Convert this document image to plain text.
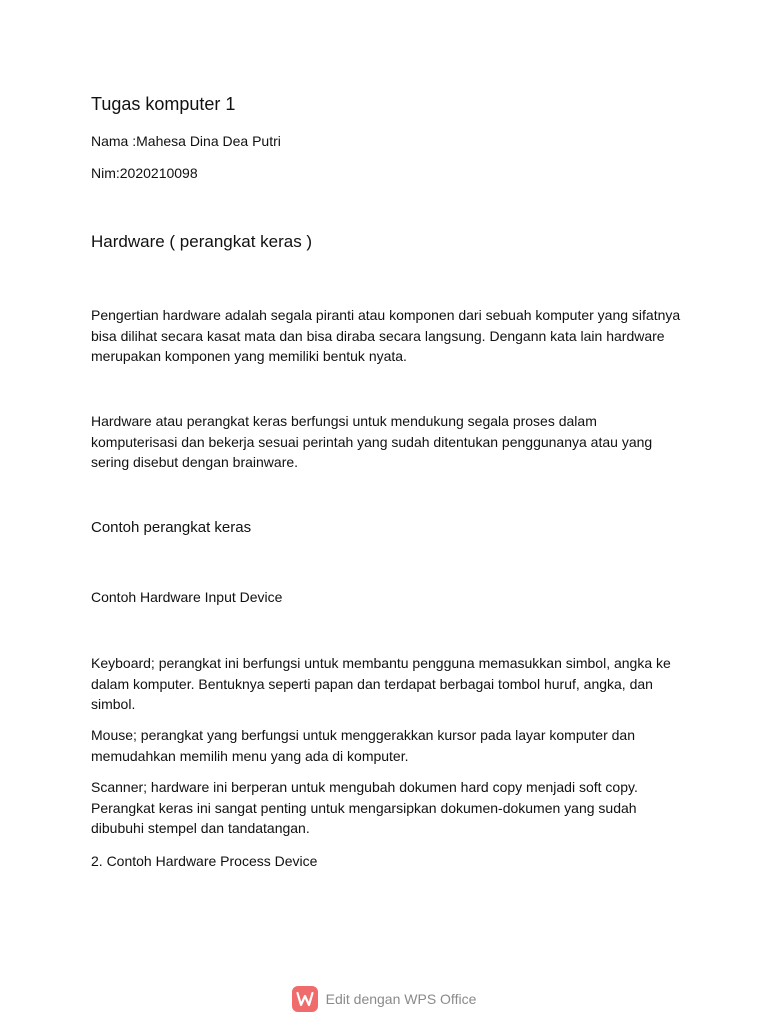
Tugas komputer 1

Nama :Mahesa Dina Dea Putri

Nim:2020210098

Hardware ( perangkat keras )

Pengertian hardware adalah segala piranti atau komponen dari sebuah komputer yang sifatnya bisa dilihat secara kasat mata dan bisa diraba secara langsung. Dengann kata lain hardware merupakan komponen yang memiliki bentuk nyata.

Hardware atau perangkat keras berfungsi untuk mendukung segala proses dalam komputerisasi dan bekerja sesuai perintah yang sudah ditentukan penggunanya atau yang sering disebut dengan brainware.

Contoh perangkat keras

Contoh Hardware Input Device

Keyboard; perangkat ini berfungsi untuk membantu pengguna memasukkan simbol, angka ke dalam komputer. Bentuknya seperti papan dan terdapat berbagai tombol huruf, angka, dan simbol.

Mouse; perangkat yang berfungsi untuk menggerakkan kursor pada layar komputer dan memudahkan memilih menu yang ada di komputer.

Scanner; hardware ini berperan untuk mengubah dokumen hard copy menjadi soft copy. Perangkat keras ini sangat penting untuk mengarsipkan dokumen-dokumen yang sudah dibubuhi stempel dan tandatangan.

2. Contoh Hardware Process Device

Edit dengan WPS Office
